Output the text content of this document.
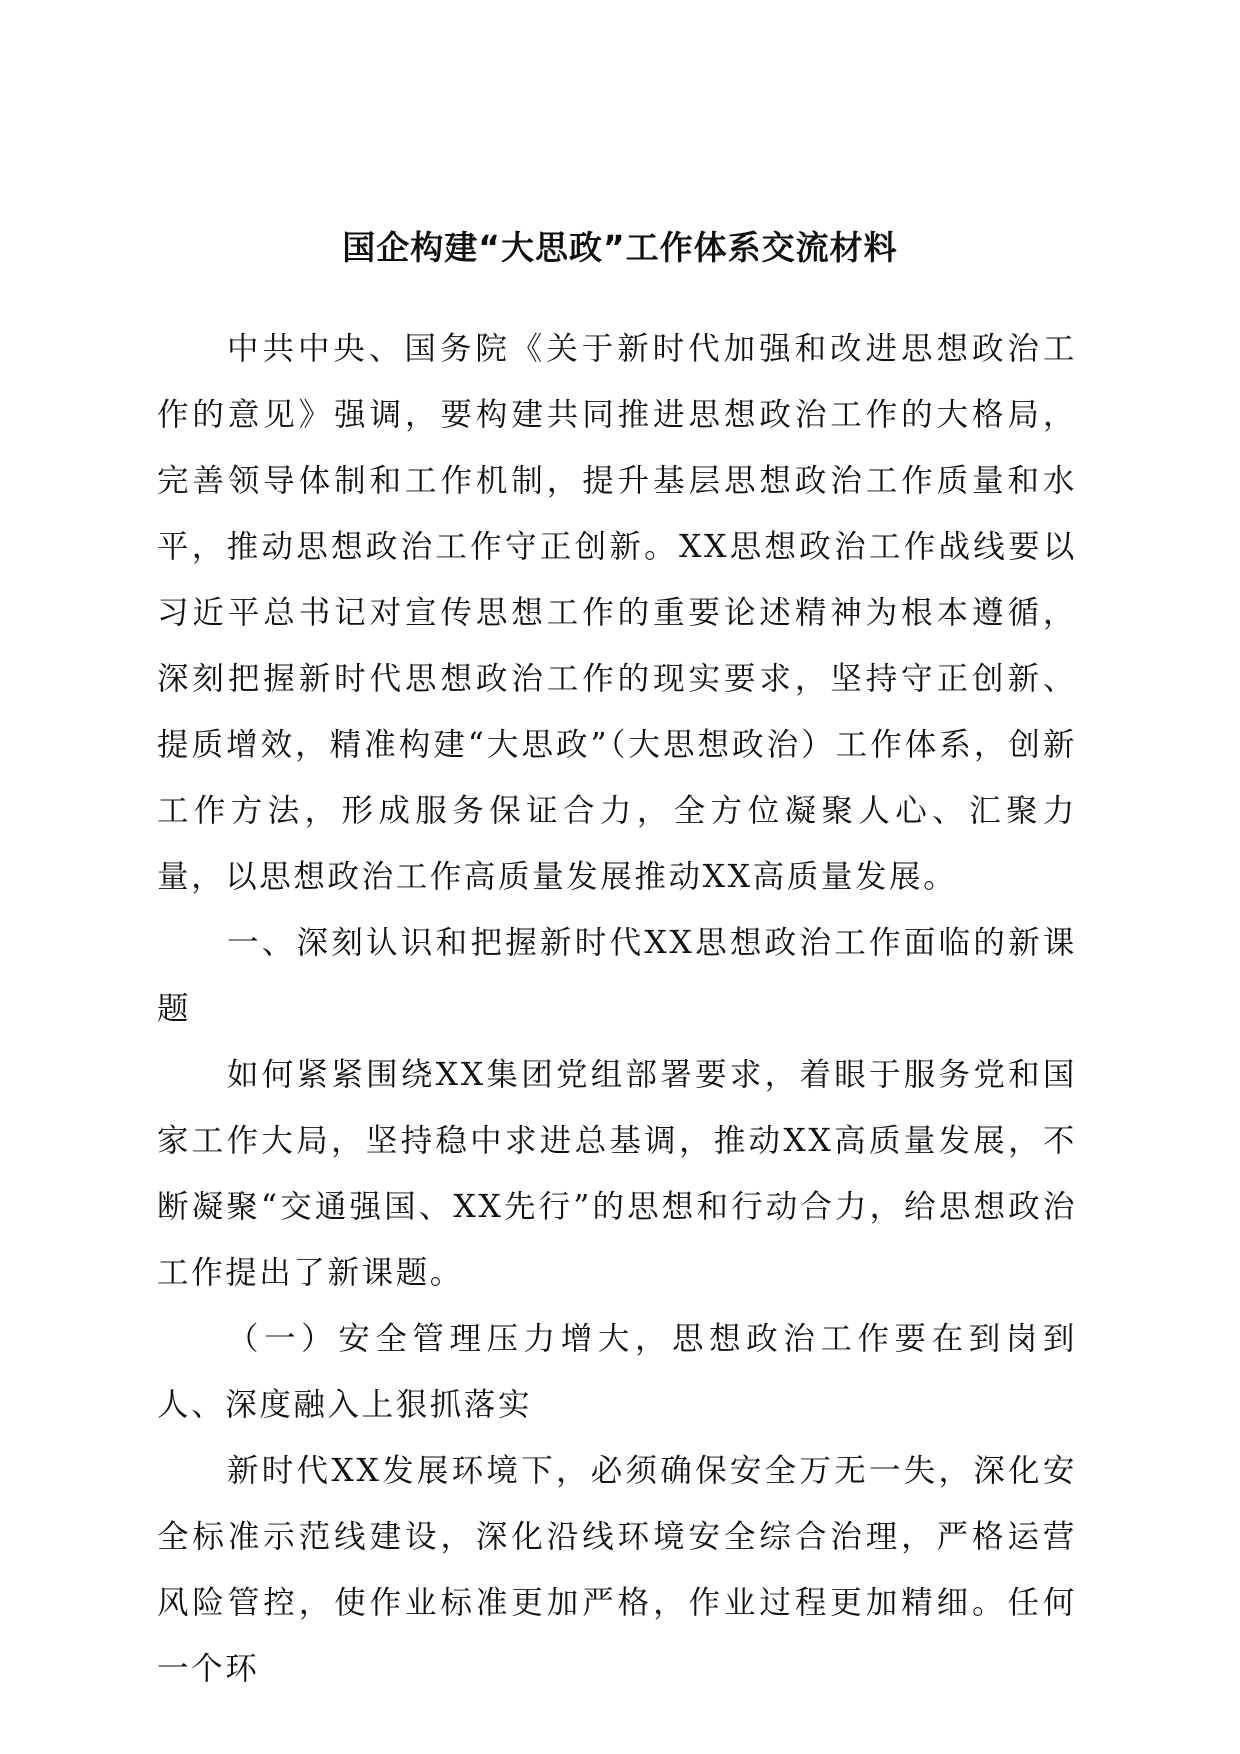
国企构建“大思政”工作体系交流材料

中共中央、国务院《关于新时代加强和改进思想政治工作的意见》强调，要构建共同推进思想政治工作的大格局，完善领导体制和工作机制，提升基层思想政治工作质量和水平，推动思想政治工作守正创新。XX思想政治工作战线要以习近平总书记对宣传思想工作的重要论述精神为根本遵循，深刻把握新时代思想政治工作的现实要求，坚持守正创新、提质增效，精准构建“大思政”（大思想政治）工作体系，创新工作方法，形成服务保证合力，全方位凝聚人心、汇聚力量，以思想政治工作高质量发展推动XX高质量发展。

一、深刻认识和把握新时代XX思想政治工作面临的新课题

如何紧紧围绕XX集团党组部署要求，着眼于服务党和国家工作大局，坚持稳中求进总基调，推动XX高质量发展，不断凝聚“交通强国、XX先行”的思想和行动合力，给思想政治工作提出了新课题。

（一）安全管理压力增大，思想政治工作要在到岗到人、深度融入上狠抓落实

新时代XX发展环境下，必须确保安全万无一失，深化安全标准示范线建设，深化沿线环境安全综合治理，严格运营风险管控，使作业标准更加严格，作业过程更加精细。任何一个环
